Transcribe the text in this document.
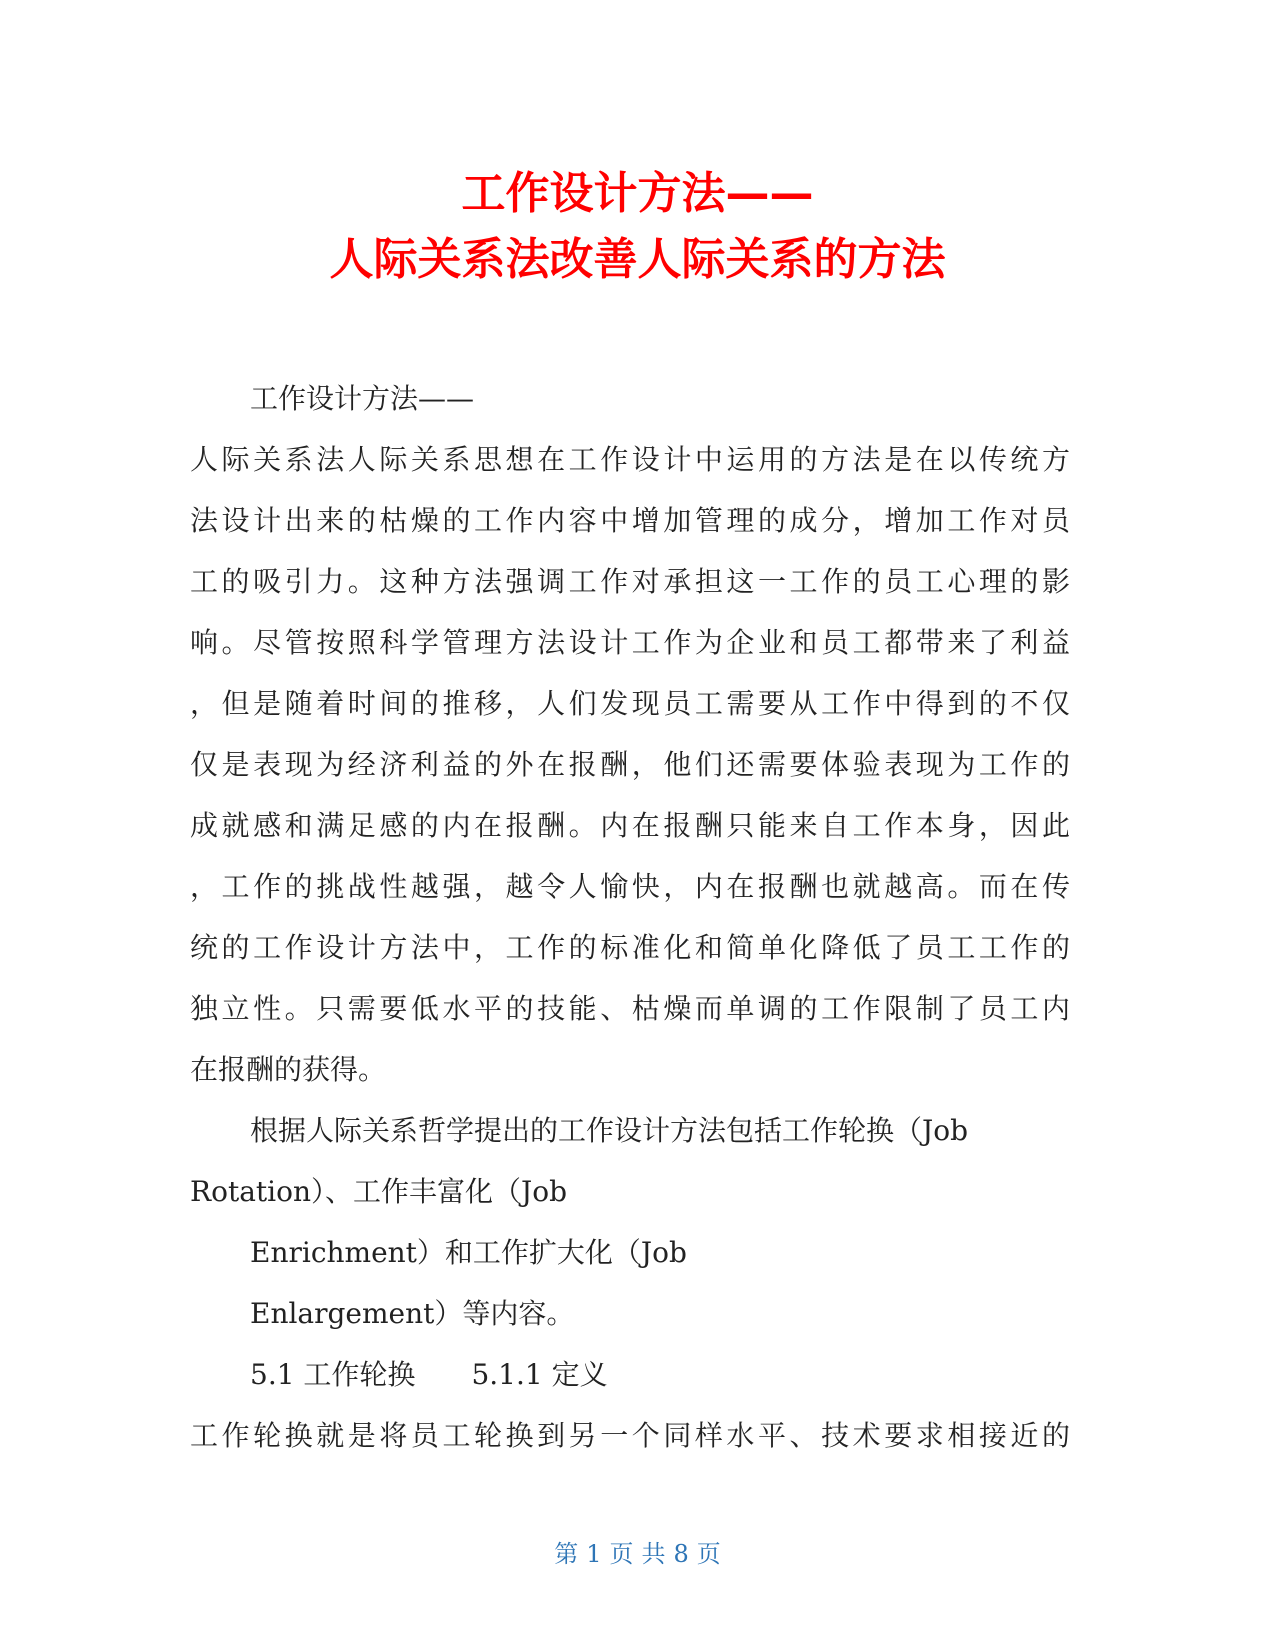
工作设计方法——
人际关系法改善人际关系的方法
工作设计方法——
人际关系法人际关系思想在工作设计中运用的方法是在以传统方
法设计出来的枯燥的工作内容中增加管理的成分，增加工作对员
工的吸引力。这种方法强调工作对承担这一工作的员工心理的影
响。尽管按照科学管理方法设计工作为企业和员工都带来了利益
，但是随着时间的推移，人们发现员工需要从工作中得到的不仅
仅是表现为经济利益的外在报酬，他们还需要体验表现为工作的
成就感和满足感的内在报酬。内在报酬只能来自工作本身，因此
，工作的挑战性越强，越令人愉快，内在报酬也就越高。而在传
统的工作设计方法中，工作的标准化和简单化降低了员工工作的
独立性。只需要低水平的技能、枯燥而单调的工作限制了员工内
在报酬的获得。
根据人际关系哲学提出的工作设计方法包括工作轮换（Job
Rotation）、工作丰富化（Job
Enrichment）和工作扩大化（Job
Enlargement）等内容。
5.1 工作轮换 5.1.1 定义
工作轮换就是将员工轮换到另一个同样水平、技术要求相接近的
第 1 页 共 8 页
